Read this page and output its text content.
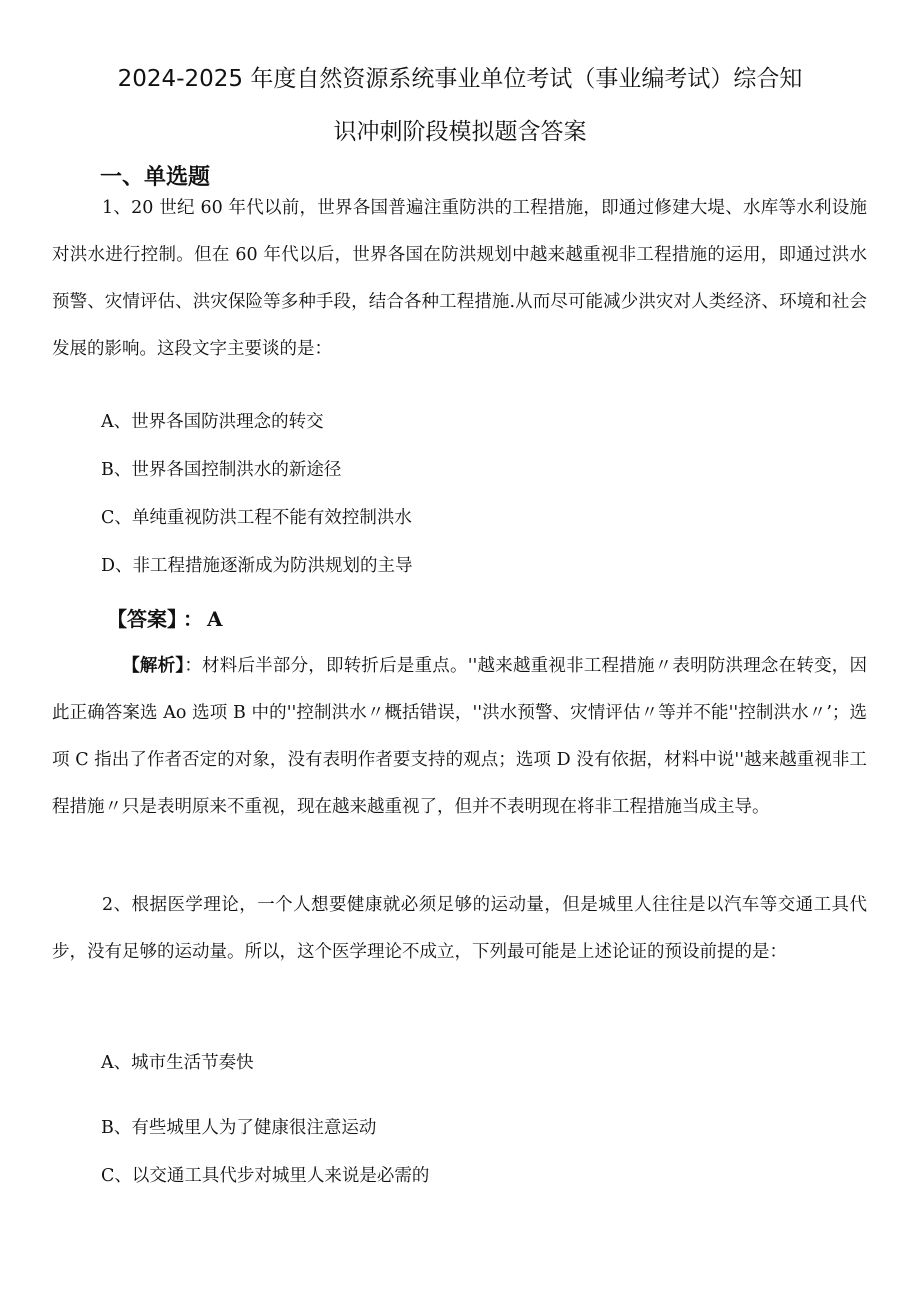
2024-2025 年度自然资源系统事业单位考试（事业编考试）综合知
识冲刺阶段模拟题含答案
一、单选题
1、20 世纪 60 年代以前，世界各国普遍注重防洪的工程措施，即通过修建大堤、水库等水利设施对洪水进行控制。但在 60 年代以后，世界各国在防洪规划中越来越重视非工程措施的运用，即通过洪水预警、灾情评估、洪灾保险等多种手段，结合各种工程措施.从而尽可能减少洪灾对人类经济、环境和社会发展的影响。这段文字主要谈的是：
A、世界各国防洪理念的转交
B、世界各国控制洪水的新途径
C、单纯重视防洪工程不能有效控制洪水
D、非工程措施逐渐成为防洪规划的主导
【答案】 ： A
【解析】：材料后半部分，即转折后是重点。''越来越重视非工程措施〃表明防洪理念在转变，因此正确答案选 Ao 选项 B 中的''控制洪水〃概括错误，''洪水预警、灾情评估〃等并不能''控制洪水〃’；选项 C 指出了作者否定的对象，没有表明作者要支持的观点；选项 D 没有依据，材料中说''越来越重视非工程措施〃只是表明原来不重视，现在越来越重视了，但并不表明现在将非工程措施当成主导。
2、根据医学理论，一个人想要健康就必须足够的运动量，但是城里人往往是以汽车等交通工具代步，没有足够的运动量。所以，这个医学理论不成立，下列最可能是上述论证的预设前提的是：
A、城市生活节奏快
B、有些城里人为了健康很注意运动
C、以交通工具代步对城里人来说是必需的
